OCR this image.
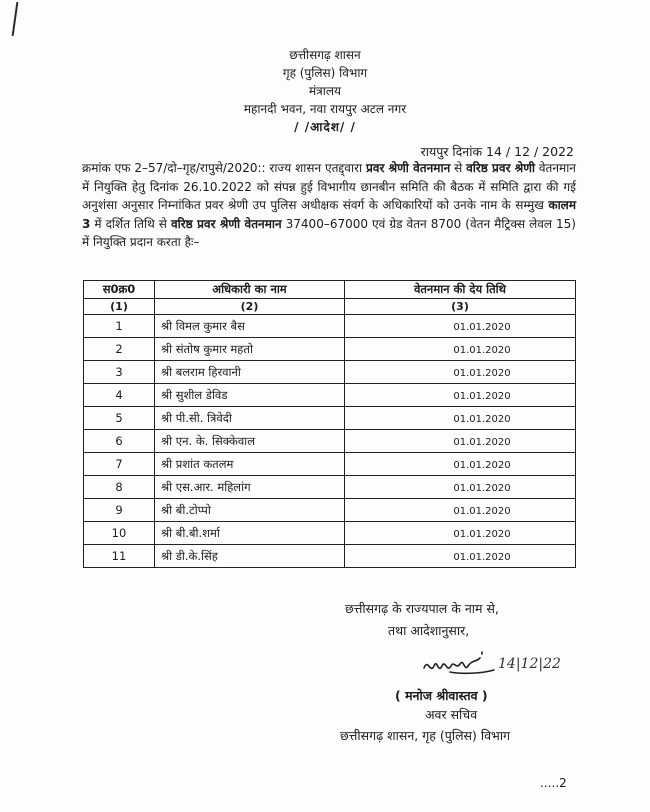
छत्तीसगढ़ शासन
गृह (पुलिस) विभाग
मंत्रालय
महानदी भवन, नवा रायपुर अटल नगर
/ /आदेश/ /
रायपुर दिनांक 14 / 12 / 2022
क्रमांक एफ 2–57/दो–गृह/रापुसे/2020:: राज्य शासन एतद्द्वारा प्रवर श्रेणी वेतनमान से वरिष्ठ प्रवर श्रेणी वेतनमान में नियुक्ति हेतु दिनांक 26.10.2022 को संपन्न हुई विभागीय छानबीन समिति की बैठक में समिति द्वारा की गई अनुशंसा अनुसार निम्नांकित प्रवर श्रेणी उप पुलिस अधीक्षक संवर्ग के अधिकारियों को उनके नाम के सम्मुख कालम 3 में दर्शित तिथि से वरिष्ठ प्रवर श्रेणी वेतनमान 37400–67000 एवं ग्रेड वेतन 8700 (वेतन मैट्रिक्स लेवल 15) में नियुक्ति प्रदान करता हैः–
स0क्र0	अधिकारी का नाम	वेतनमान की देय तिथि
(1)	(2)	(3)
1	श्री विमल कुमार बैस	01.01.2020
2	श्री संतोष कुमार महतो	01.01.2020
3	श्री बलराम हिरवानी	01.01.2020
4	श्री सुशील डेविड	01.01.2020
5	श्री पी.सी. त्रिवेदी	01.01.2020
6	श्री एन. के. सिक्केवाल	01.01.2020
7	श्री प्रशांत कतलम	01.01.2020
8	श्री एस.आर. महिलांग	01.01.2020
9	श्री बी.टोप्पो	01.01.2020
10	श्री बी.बी.शर्मा	01.01.2020
11	श्री डी.के.सिंह	01.01.2020
छत्तीसगढ़ के राज्यपाल के नाम से,
तथा आदेशानुसार,
14|12|22
( मनोज श्रीवास्तव )
अवर सचिव
छत्तीसगढ़ शासन, गृह (पुलिस) विभाग
.....2
